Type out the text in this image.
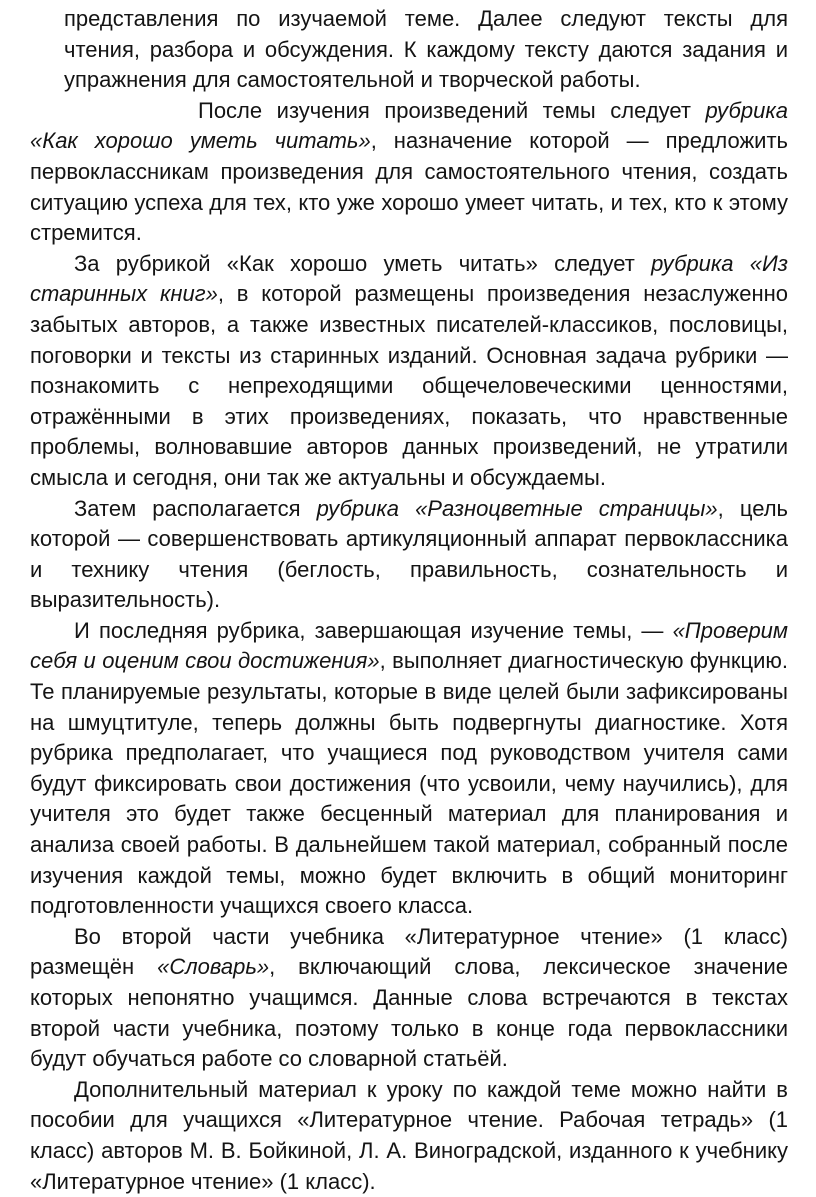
представления по изучаемой теме. Далее следуют тексты для чтения, разбора и обсуждения. К каждому тексту даются задания и упражнения для самостоятельной и творческой работы.

После изучения произведений темы следует рубрика «Как хорошо уметь читать», назначение которой — предложить первоклассникам произведения для самостоятельного чтения, создать ситуацию успеха для тех, кто уже хорошо умеет читать, и тех, кто к этому стремится.

За рубрикой «Как хорошо уметь читать» следует рубрика «Из старинных книг», в которой размещены произведения незаслуженно забытых авторов, а также известных писателей-классиков, пословицы, поговорки и тексты из старинных изданий. Основная задача рубрики — познакомить с непреходящими общечеловеческими ценностями, отражёнными в этих произведениях, показать, что нравственные проблемы, волновавшие авторов данных произведений, не утратили смысла и сегодня, они так же актуальны и обсуждаемы.

Затем располагается рубрика «Разноцветные страницы», цель которой — совершенствовать артикуляционный аппарат первоклассника и технику чтения (беглость, правильность, сознательность и выразительность).

И последняя рубрика, завершающая изучение темы, — «Проверим себя и оценим свои достижения», выполняет диагностическую функцию. Те планируемые результаты, которые в виде целей были зафиксированы на шмуцтитуле, теперь должны быть подвергнуты диагностике. Хотя рубрика предполагает, что учащиеся под руководством учителя сами будут фиксировать свои достижения (что усвоили, чему научились), для учителя это будет также бесценный материал для планирования и анализа своей работы. В дальнейшем такой материал, собранный после изучения каждой темы, можно будет включить в общий мониторинг подготовленности учащихся своего класса.

Во второй части учебника «Литературное чтение» (1 класс) размещён «Словарь», включающий слова, лексическое значение которых непонятно учащимся. Данные слова встречаются в текстах второй части учебника, поэтому только в конце года первоклассники будут обучаться работе со словарной статьёй.

Дополнительный материал к уроку по каждой теме можно найти в пособии для учащихся «Литературное чтение. Рабочая тетрадь» (1 класс) авторов М. В. Бойкиной, Л. А. Виноградской, изданного к учебнику «Литературное чтение» (1 класс).
